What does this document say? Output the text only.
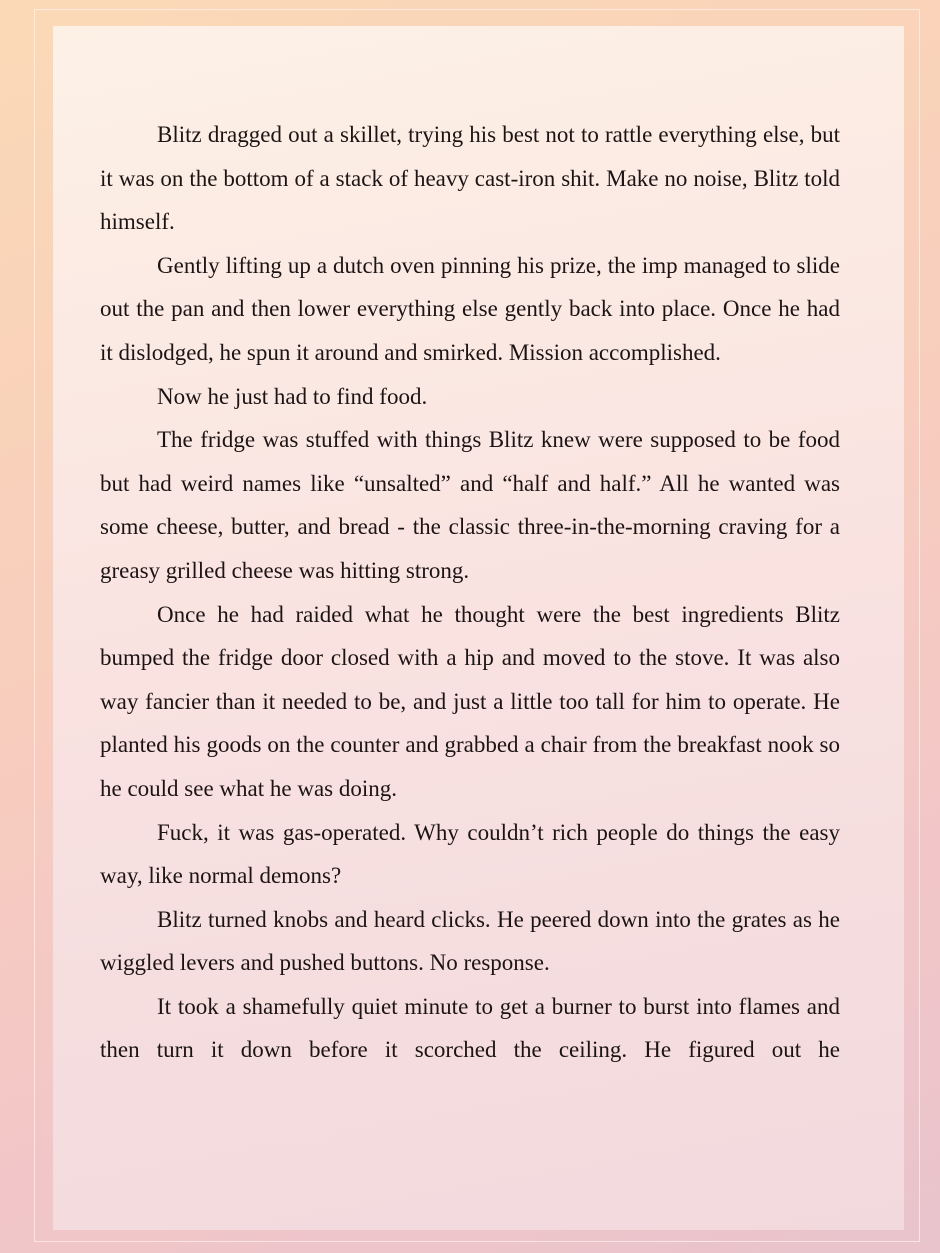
Blitz dragged out a skillet, trying his best not to rattle everything else, but it was on the bottom of a stack of heavy cast-iron shit. Make no noise, Blitz told himself.

Gently lifting up a dutch oven pinning his prize, the imp managed to slide out the pan and then lower everything else gently back into place. Once he had it dislodged, he spun it around and smirked. Mission accomplished.

Now he just had to find food.

The fridge was stuffed with things Blitz knew were supposed to be food but had weird names like “unsalted” and “half and half.” All he wanted was some cheese, butter, and bread - the classic three-in-the-morning craving for a greasy grilled cheese was hitting strong.

Once he had raided what he thought were the best ingredients Blitz bumped the fridge door closed with a hip and moved to the stove. It was also way fancier than it needed to be, and just a little too tall for him to operate. He planted his goods on the counter and grabbed a chair from the breakfast nook so he could see what he was doing.

Fuck, it was gas-operated. Why couldn’t rich people do things the easy way, like normal demons?

Blitz turned knobs and heard clicks. He peered down into the grates as he wiggled levers and pushed buttons. No response.

It took a shamefully quiet minute to get a burner to burst into flames and then turn it down before it scorched the ceiling. He figured out he
